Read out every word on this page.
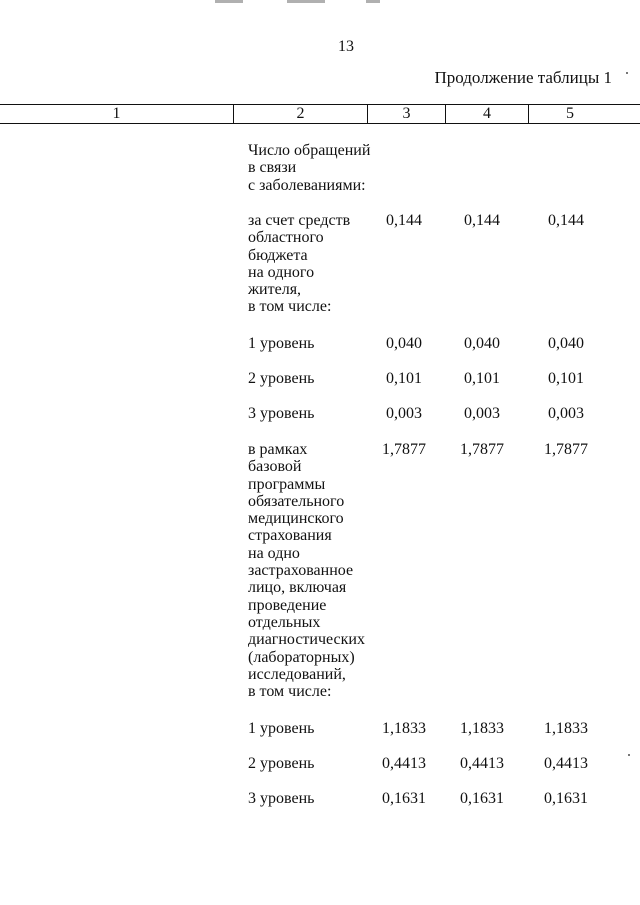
13
Продолжение таблицы 1
1	2	3	4	5
Число обращений
в связи
с заболеваниями:
за счет средств
областного
бюджета
на одного
жителя,
в том числе:
0,144	0,144	0,144
1 уровень	0,040	0,040	0,040
2 уровень	0,101	0,101	0,101
3 уровень	0,003	0,003	0,003
в рамках
базовой
программы
обязательного
медицинского
страхования
на одно
застрахованное
лицо, включая
проведение
отдельных
диагностических
(лабораторных)
исследований,
в том числе:
1,7877	1,7877	1,7877
1 уровень	1,1833	1,1833	1,1833
2 уровень	0,4413	0,4413	0,4413
3 уровень	0,1631	0,1631	0,1631
